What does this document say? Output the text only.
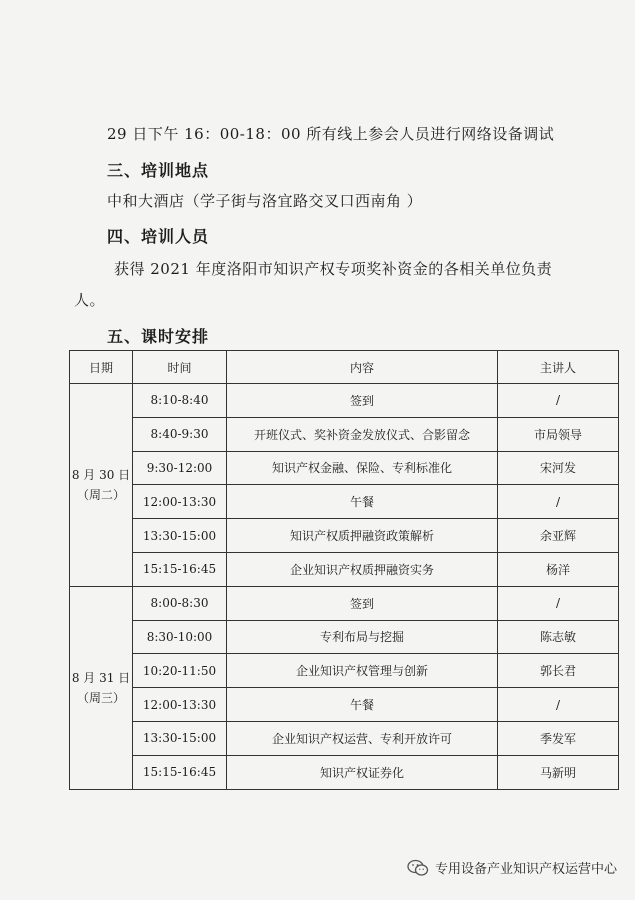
29 日下午 16：00-18：00 所有线上参会人员进行网络设备调试
三、培训地点
中和大酒店（学子街与洛宜路交叉口西南角 ）
四、培训人员
获得 2021 年度洛阳市知识产权专项奖补资金的各相关单位负责
人。
五、课时安排
日期	时间	内容	主讲人

8 月 30 日
（周二）	8:10-8:40	签到	/
	8:40-9:30	开班仪式、奖补资金发放仪式、合影留念	市局领导
	9:30-12:00	知识产权金融、保险、专利标准化	宋河发
	12:00-13:30	午餐	/
	13:30-15:00	知识产权质押融资政策解析	余亚辉
	15:15-16:45	企业知识产权质押融资实务	杨洋

8 月 31 日
（周三）	8:00-8:30	签到	/
	8:30-10:00	专利布局与挖掘	陈志敏
	10:20-11:50	企业知识产权管理与创新	郭长君
	12:00-13:30	午餐	/
	13:30-15:00	企业知识产权运营、专利开放许可	季发军
	15:15-16:45	知识产权证券化	马新明
专用设备产业知识产权运营中心
